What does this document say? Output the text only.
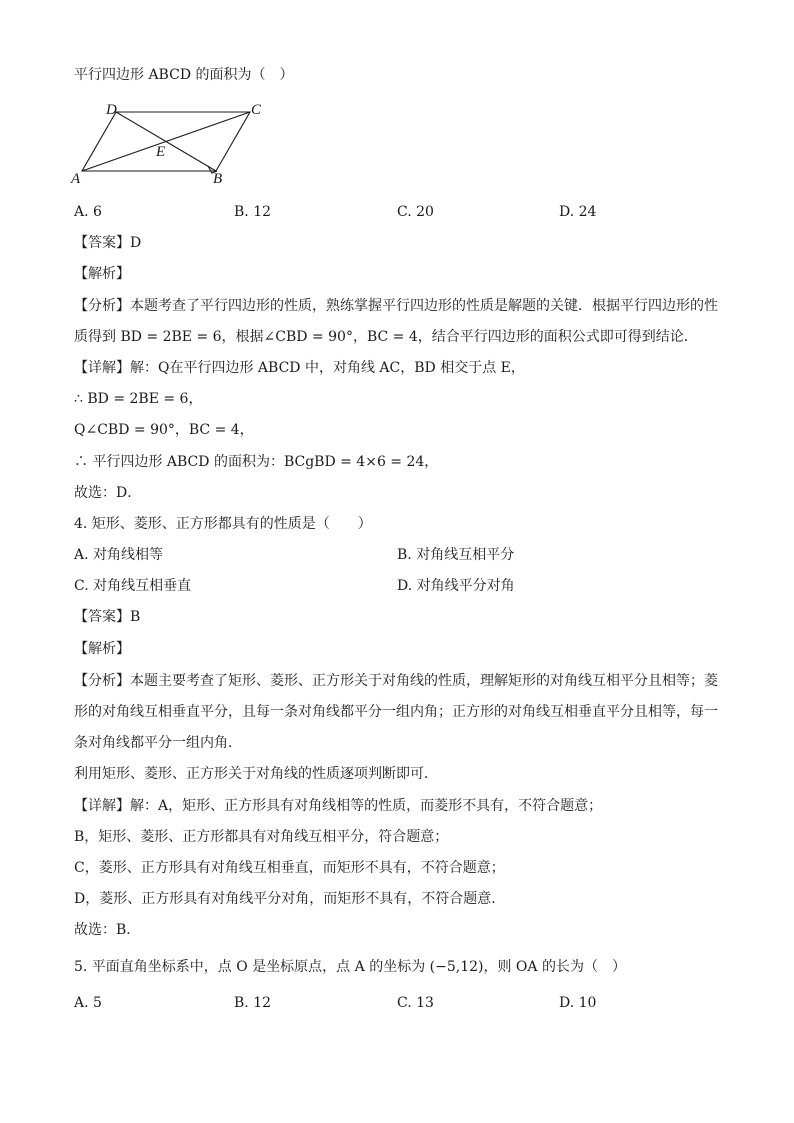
平行四边形 ABCD 的面积为（　）
D	C
E
A	B
A. 6	B. 12	C. 20	D. 24
【答案】D
【解析】
【分析】本题考查了平行四边形的性质，熟练掌握平行四边形的性质是解题的关键．根据平行四边形的性
质得到 BD = 2BE = 6，根据∠CBD = 90°，BC = 4，结合平行四边形的面积公式即可得到结论．
【详解】解：Q在平行四边形 ABCD 中，对角线 AC，BD 相交于点 E，
∴ BD = 2BE = 6，
Q∠CBD = 90°，BC = 4，
∴ 平行四边形 ABCD 的面积为：BCgBD = 4×6 = 24，
故选：D．
4. 矩形、菱形、正方形都具有的性质是（　　）
A. 对角线相等	B. 对角线互相平分
C. 对角线互相垂直	D. 对角线平分对角
【答案】B
【解析】
【分析】本题主要考查了矩形、菱形、正方形关于对角线的性质，理解矩形的对角线互相平分且相等；菱
形的对角线互相垂直平分，且每一条对角线都平分一组内角；正方形的对角线互相垂直平分且相等，每一
条对角线都平分一组内角．
利用矩形、菱形、正方形关于对角线的性质逐项判断即可．
【详解】解：A，矩形、正方形具有对角线相等的性质，而菱形不具有，不符合题意；
B，矩形、菱形、正方形都具有对角线互相平分，符合题意；
C，菱形、正方形具有对角线互相垂直，而矩形不具有，不符合题意；
D，菱形、正方形具有对角线平分对角，而矩形不具有，不符合题意．
故选：B．
5. 平面直角坐标系中，点 O 是坐标原点，点 A 的坐标为 (−5,12)，则 OA 的长为（　）
A. 5	B. 12	C. 13	D. 10
